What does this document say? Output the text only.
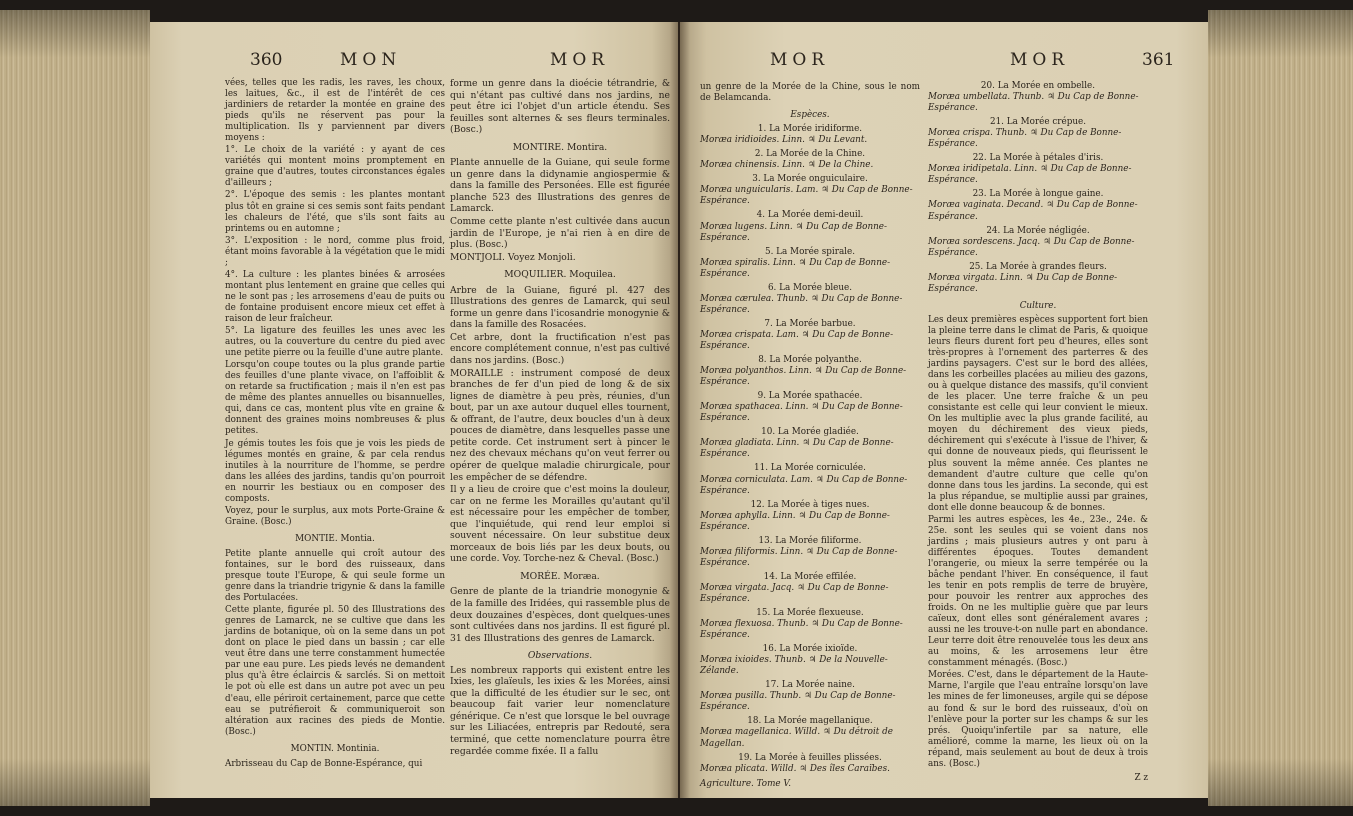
360	MON	MOR

vées, telles que les radis, les raves, les choux, les laitues, &c., il est de l'intérêt de ces jardiniers de retarder la montée en graine des pieds qu'ils ne réservent pas pour la multiplication. Ils y parviennent par divers moyens :

1°. Le choix de la variété : y ayant de ces variétés qui montent moins promptement en graine que d'autres, toutes circonstances égales d'ailleurs ;

2°. L'époque des semis : les plantes montant plus tôt en graine si ces semis sont faits pendant les chaleurs de l'été, que s'ils sont faits au printems ou en automne ;

3°. L'exposition : le nord, comme plus froid, étant moins favorable à la végétation que le midi ;

4°. La culture : les plantes binées & arrosées montant plus lentement en graine que celles qui ne le sont pas ; les arrosemens d'eau de puits ou de fontaine produisent encore mieux cet effet à raison de leur fraîcheur.

5°. La ligature des feuilles les unes avec les autres, ou la couverture du centre du pied avec une petite pierre ou la feuille d'une autre plante.

Lorsqu'on coupe toutes ou la plus grande partie des feuilles d'une plante vivace, on l'affoiblit & on retarde sa fructification ; mais il n'en est pas de même des plantes annuelles ou bisannuelles, qui, dans ce cas, montent plus vîte en graine & donnent des graines moins nombreuses & plus petites.

Je gémis toutes les fois que je vois les pieds de légumes montés en graine, & par cela rendus inutiles à la nourriture de l'homme, se perdre dans les allées des jardins, tandis qu'on pourroit en nourrir les bestiaux ou en composer des composts.

Voyez, pour le surplus, aux mots Porte-Graine & Graine. (Bosc.)

MONTIE. Montia.

Petite plante annuelle qui croît autour des fontaines, sur le bord des ruisseaux, dans presque toute l'Europe, & qui seule forme un genre dans la triandrie trigynie & dans la famille des Portulacées.

Cette plante, figurée pl. 50 des Illustrations des genres de Lamarck, ne se cultive que dans les jardins de botanique, où on la seme dans un pot dont on place le pied dans un bassin ; car elle veut être dans une terre constamment humectée par une eau pure. Les pieds levés ne demandent plus qu'à être éclaircis & sarclés. Si on mettoit le pot où elle est dans un autre pot avec un peu d'eau, elle périroit certainement, parce que cette eau se putréfieroit & communiqueroit son altération aux racines des pieds de Montie. (Bosc.)

MONTIN. Montinia.

Arbrisseau du Cap de Bonne-Espérance, qui

forme un genre dans la dioécie tétrandrie, & qui n'étant pas cultivé dans nos jardins, ne peut être ici l'objet d'un article étendu. Ses feuilles sont alternes & ses fleurs terminales. (Bosc.)

MONTIRE. Montira.

Plante annuelle de la Guiane, qui seule forme un genre dans la didynamie angiospermie & dans la famille des Personées. Elle est figurée planche 523 des Illustrations des genres de Lamarck.

Comme cette plante n'est cultivée dans aucun jardin de l'Europe, je n'ai rien à en dire de plus. (Bosc.)

MONTJOLI. Voyez Monjoli.

MOQUILIER. Moquilea.

Arbre de la Guiane, figuré pl. 427 des Illustrations des genres de Lamarck, qui seul forme un genre dans l'icosandrie monogynie & dans la famille des Rosacées.

Cet arbre, dont la fructification n'est pas encore complétement connue, n'est pas cultivé dans nos jardins. (Bosc.)

MORAILLE : instrument composé de deux branches de fer d'un pied de long & de six lignes de diamètre à peu près, réunies, d'un bout, par un axe autour duquel elles tournent, & offrant, de l'autre, deux boucles d'un à deux pouces de diamètre, dans lesquelles passe une petite corde. Cet instrument sert à pincer le nez des chevaux méchans qu'on veut ferrer ou opérer de quelque maladie chirurgicale, pour les empêcher de se défendre.

Il y a lieu de croire que c'est moins la douleur, car on ne ferme les Morailles qu'autant qu'il est nécessaire pour les empêcher de tomber, que l'inquiétude, qui rend leur emploi si souvent nécessaire. On leur substitue deux morceaux de bois liés par les deux bouts, ou une corde. Voy. Torche-nez & Cheval. (Bosc.)

MORÉE. Moræa.

Genre de plante de la triandrie monogynie & de la famille des Iridées, qui rassemble plus de deux douzaines d'espèces, dont quelques-unes sont cultivées dans nos jardins. Il est figuré pl. 31 des Illustrations des genres de Lamarck.

Observations.

Les nombreux rapports qui existent entre les Ixies, les glaïeuls, les ixies & les Morées, ainsi que la difficulté de les étudier sur le sec, ont beaucoup fait varier leur nomenclature générique. Ce n'est que lorsque le bel ouvrage sur les Liliacées, entrepris par Redouté, sera terminé, que cette nomenclature pourra être regardée comme fixée. Il a fallu

MOR	MOR	361

un genre de la Morée de la Chine, sous le nom de Belamcanda.

Espèces.

1. La Morée iridiforme.

Moræa iridioides. Linn. ♃ Du Levant.

2. La Morée de la Chine.

Moræa chinensis. Linn. ♃ De la Chine.

3. La Morée onguiculaire.

Moræa unguicularis. Lam. ♃ Du Cap de Bonne-Espérance.

4. La Morée demi-deuil.

Moræa lugens. Linn. ♃ Du Cap de Bonne-Espérance.

5. La Morée spirale.

Moræa spiralis. Linn. ♃ Du Cap de Bonne-Espérance.

6. La Morée bleue.

Moræa cærulea. Thunb. ♃ Du Cap de Bonne-Espérance.

7. La Morée barbue.

Moræa crispata. Lam. ♃ Du Cap de Bonne-Espérance.

8. La Morée polyanthe.

Moræa polyanthos. Linn. ♃ Du Cap de Bonne-Espérance.

9. La Morée spathacée.

Moræa spathacea. Linn. ♃ Du Cap de Bonne-Espérance.

10. La Morée gladiée.

Moræa gladiata. Linn. ♃ Du Cap de Bonne-Espérance.

11. La Morée corniculée.

Moræa corniculata. Lam. ♃ Du Cap de Bonne-Espérance.

12. La Morée à tiges nues.

Moræa aphylla. Linn. ♃ Du Cap de Bonne-Espérance.

13. La Morée filiforme.

Moræa filiformis. Linn. ♃ Du Cap de Bonne-Espérance.

14. La Morée effilée.

Moræa virgata. Jacq. ♃ Du Cap de Bonne-Espérance.

15. La Morée flexueuse.

Moræa flexuosa. Thunb. ♃ Du Cap de Bonne-Espérance.

16. La Morée ixioïde.

Moræa ixioides. Thunb. ♃ De la Nouvelle-Zélande.

17. La Morée naine.

Moræa pusilla. Thunb. ♃ Du Cap de Bonne-Espérance.

18. La Morée magellanique.

Moræa magellanica. Willd. ♃ Du détroit de Magellan.

19. La Morée à feuilles plissées.

Moræa plicata. Willd. ♃ Des îles Caraïbes.

Agriculture. Tome V.

20. La Morée en ombelle.

Moræa umbellata. Thunb. ♃ Du Cap de Bonne-Espérance.

21. La Morée crépue.

Moræa crispa. Thunb. ♃ Du Cap de Bonne-Espérance.

22. La Morée à pétales d'iris.

Moræa iridipetala. Linn. ♃ Du Cap de Bonne-Espérance.

23. La Morée à longue gaine.

Moræa vaginata. Decand. ♃ Du Cap de Bonne-Espérance.

24. La Morée négligée.

Moræa sordescens. Jacq. ♃ Du Cap de Bonne-Espérance.

25. La Morée à grandes fleurs.

Moræa virgata. Linn. ♃ Du Cap de Bonne-Espérance.

Culture.

Les deux premières espèces supportent fort bien la pleine terre dans le climat de Paris, & quoique leurs fleurs durent fort peu d'heures, elles sont très-propres à l'ornement des parterres & des jardins paysagers. C'est sur le bord des allées, dans les corbeilles placées au milieu des gazons, ou à quelque distance des massifs, qu'il convient de les placer. Une terre fraîche & un peu consistante est celle qui leur convient le mieux. On les multiplie avec la plus grande facilité, au moyen du déchirement des vieux pieds, déchirement qui s'exécute à l'issue de l'hiver, & qui donne de nouveaux pieds, qui fleurissent le plus souvent la même année. Ces plantes ne demandent d'autre culture que celle qu'on donne dans tous les jardins. La seconde, qui est la plus répandue, se multiplie aussi par graines, dont elle donne beaucoup & de bonnes.

Parmi les autres espèces, les 4e., 23e., 24e. & 25e. sont les seules qui se voient dans nos jardins ; mais plusieurs autres y ont paru à différentes époques. Toutes demandent l'orangerie, ou mieux la serre tempérée ou la bâche pendant l'hiver. En conséquence, il faut les tenir en pots remplis de terre de bruyère, pour pouvoir les rentrer aux approches des froids. On ne les multiplie guère que par leurs caïeux, dont elles sont généralement avares ; aussi ne les trouve-t-on nulle part en abondance. Leur terre doit être renouvelée tous les deux ans au moins, & les arrosemens leur être constamment ménagés. (Bosc.)

Morées. C'est, dans le département de la Haute-Marne, l'argile que l'eau entraîne lorsqu'on lave les mines de fer limoneuses, argile qui se dépose au fond & sur le bord des ruisseaux, d'où on l'enlève pour la porter sur les champs & sur les prés. Quoiqu'infertile par sa nature, elle amélioré, comme la marne, les lieux où on la répand, mais seulement au bout de deux à trois ans. (Bosc.)

Z z
